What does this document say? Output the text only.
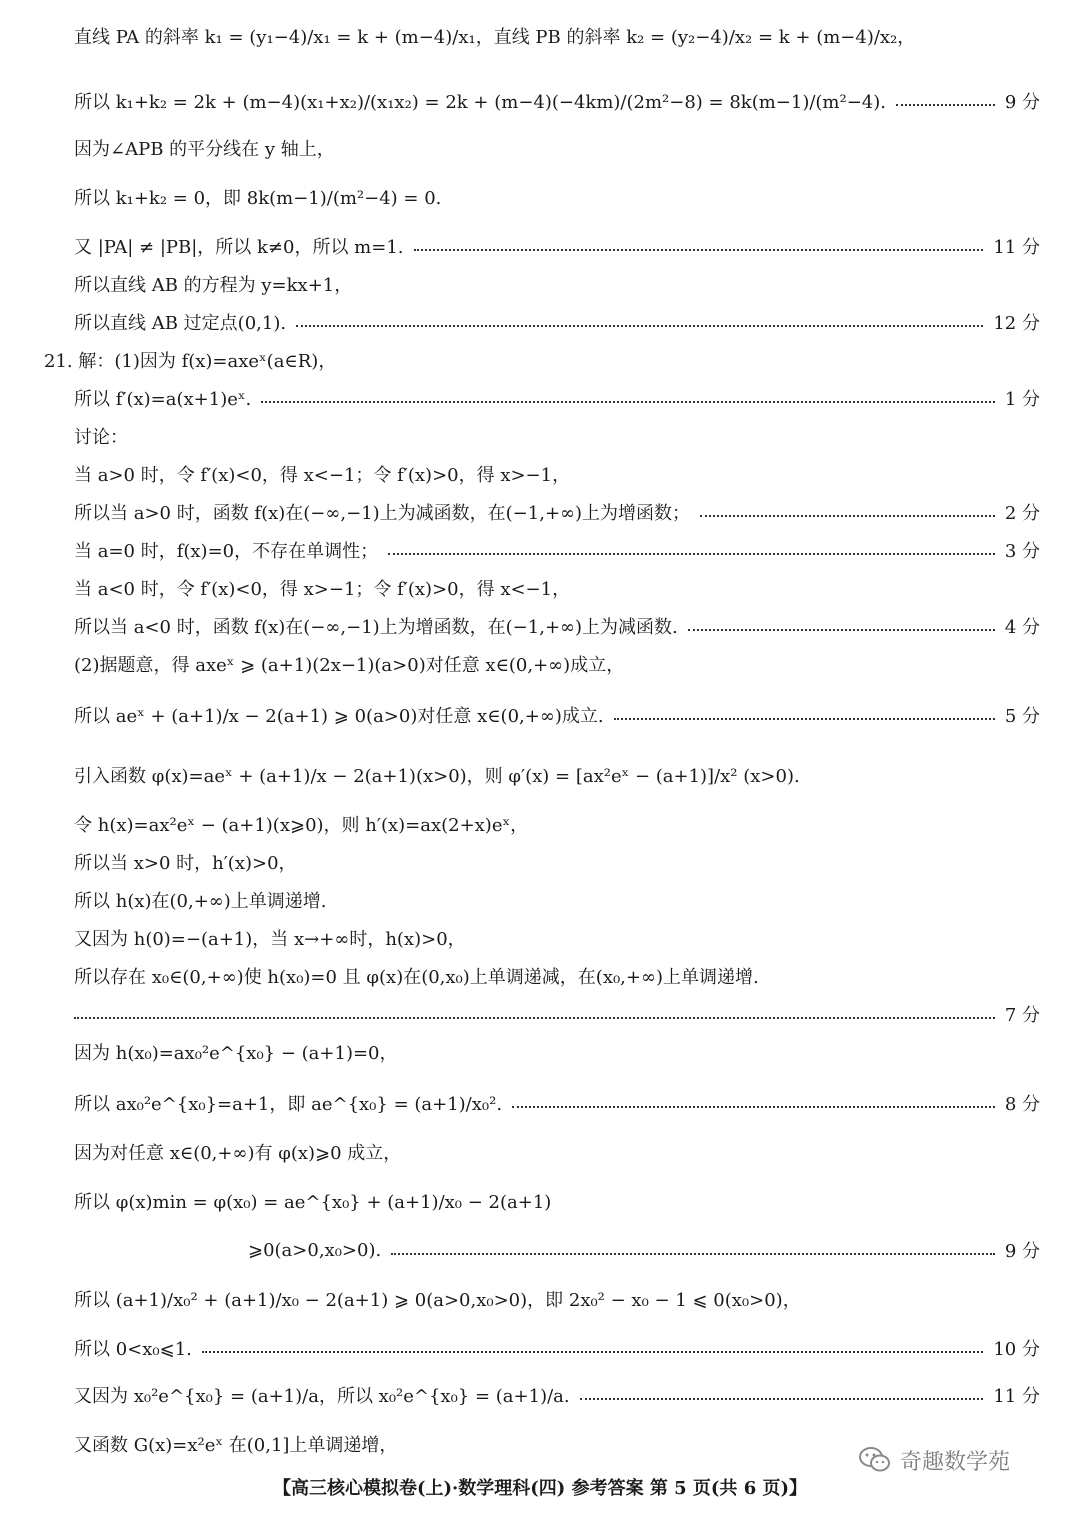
直线 PA 的斜率 k₁ = (y₁−4)/x₁ = k + (m−4)/x₁，直线 PB 的斜率 k₂ = (y₂−4)/x₂ = k + (m−4)/x₂，
所以 k₁+k₂ = 2k + (m−4)(x₁+x₂)/(x₁x₂) = 2k + (m−4)(−4km)/(2m²−8) = 8k(m−1)/(m²−4).	9 分
因为∠APB 的平分线在 y 轴上，
所以 k₁+k₂ = 0，即 8k(m−1)/(m²−4) = 0.
又 |PA| ≠ |PB|，所以 k≠0，所以 m=1.	11 分
所以直线 AB 的方程为 y=kx+1，
所以直线 AB 过定点(0,1).	12 分
21. 解：(1)因为 f(x)=axeˣ(a∈R)，
所以 f′(x)=a(x+1)eˣ.	1 分
讨论：
当 a>0 时，令 f′(x)<0，得 x<−1；令 f′(x)>0，得 x>−1，
所以当 a>0 时，函数 f(x)在(−∞,−1)上为减函数，在(−1,+∞)上为增函数；	2 分
当 a=0 时，f(x)=0，不存在单调性；	3 分
当 a<0 时，令 f′(x)<0，得 x>−1；令 f′(x)>0，得 x<−1，
所以当 a<0 时，函数 f(x)在(−∞,−1)上为增函数，在(−1,+∞)上为减函数.	4 分
(2)据题意，得 axeˣ ⩾ (a+1)(2x−1)(a>0)对任意 x∈(0,+∞)成立，
所以 aeˣ + (a+1)/x − 2(a+1) ⩾ 0(a>0)对任意 x∈(0,+∞)成立.	5 分
引入函数 φ(x)=aeˣ + (a+1)/x − 2(a+1)(x>0)，则 φ′(x) = [ax²eˣ − (a+1)]/x² (x>0).
令 h(x)=ax²eˣ − (a+1)(x⩾0)，则 h′(x)=ax(2+x)eˣ，
所以当 x>0 时，h′(x)>0，
所以 h(x)在(0,+∞)上单调递增.
又因为 h(0)=−(a+1)，当 x→+∞时，h(x)>0，
所以存在 x₀∈(0,+∞)使 h(x₀)=0 且 φ(x)在(0,x₀)上单调递减，在(x₀,+∞)上单调递增.
7 分
因为 h(x₀)=ax₀²e^{x₀} − (a+1)=0，
所以 ax₀²e^{x₀}=a+1，即 ae^{x₀} = (a+1)/x₀².	8 分
因为对任意 x∈(0,+∞)有 φ(x)⩾0 成立，
所以 φ(x)min = φ(x₀) = ae^{x₀} + (a+1)/x₀ − 2(a+1)
⩾0(a>0,x₀>0).	9 分
所以 (a+1)/x₀² + (a+1)/x₀ − 2(a+1) ⩾ 0(a>0,x₀>0)，即 2x₀² − x₀ − 1 ⩽ 0(x₀>0)，
所以 0<x₀⩽1.	10 分
又因为 x₀²e^{x₀} = (a+1)/a，所以 x₀²e^{x₀} = (a+1)/a.	11 分
又函数 G(x)=x²eˣ 在(0,1]上单调递增，
奇趣数学苑
【高三核心模拟卷(上)·数学理科(四) 参考答案 第 5 页(共 6 页)】
